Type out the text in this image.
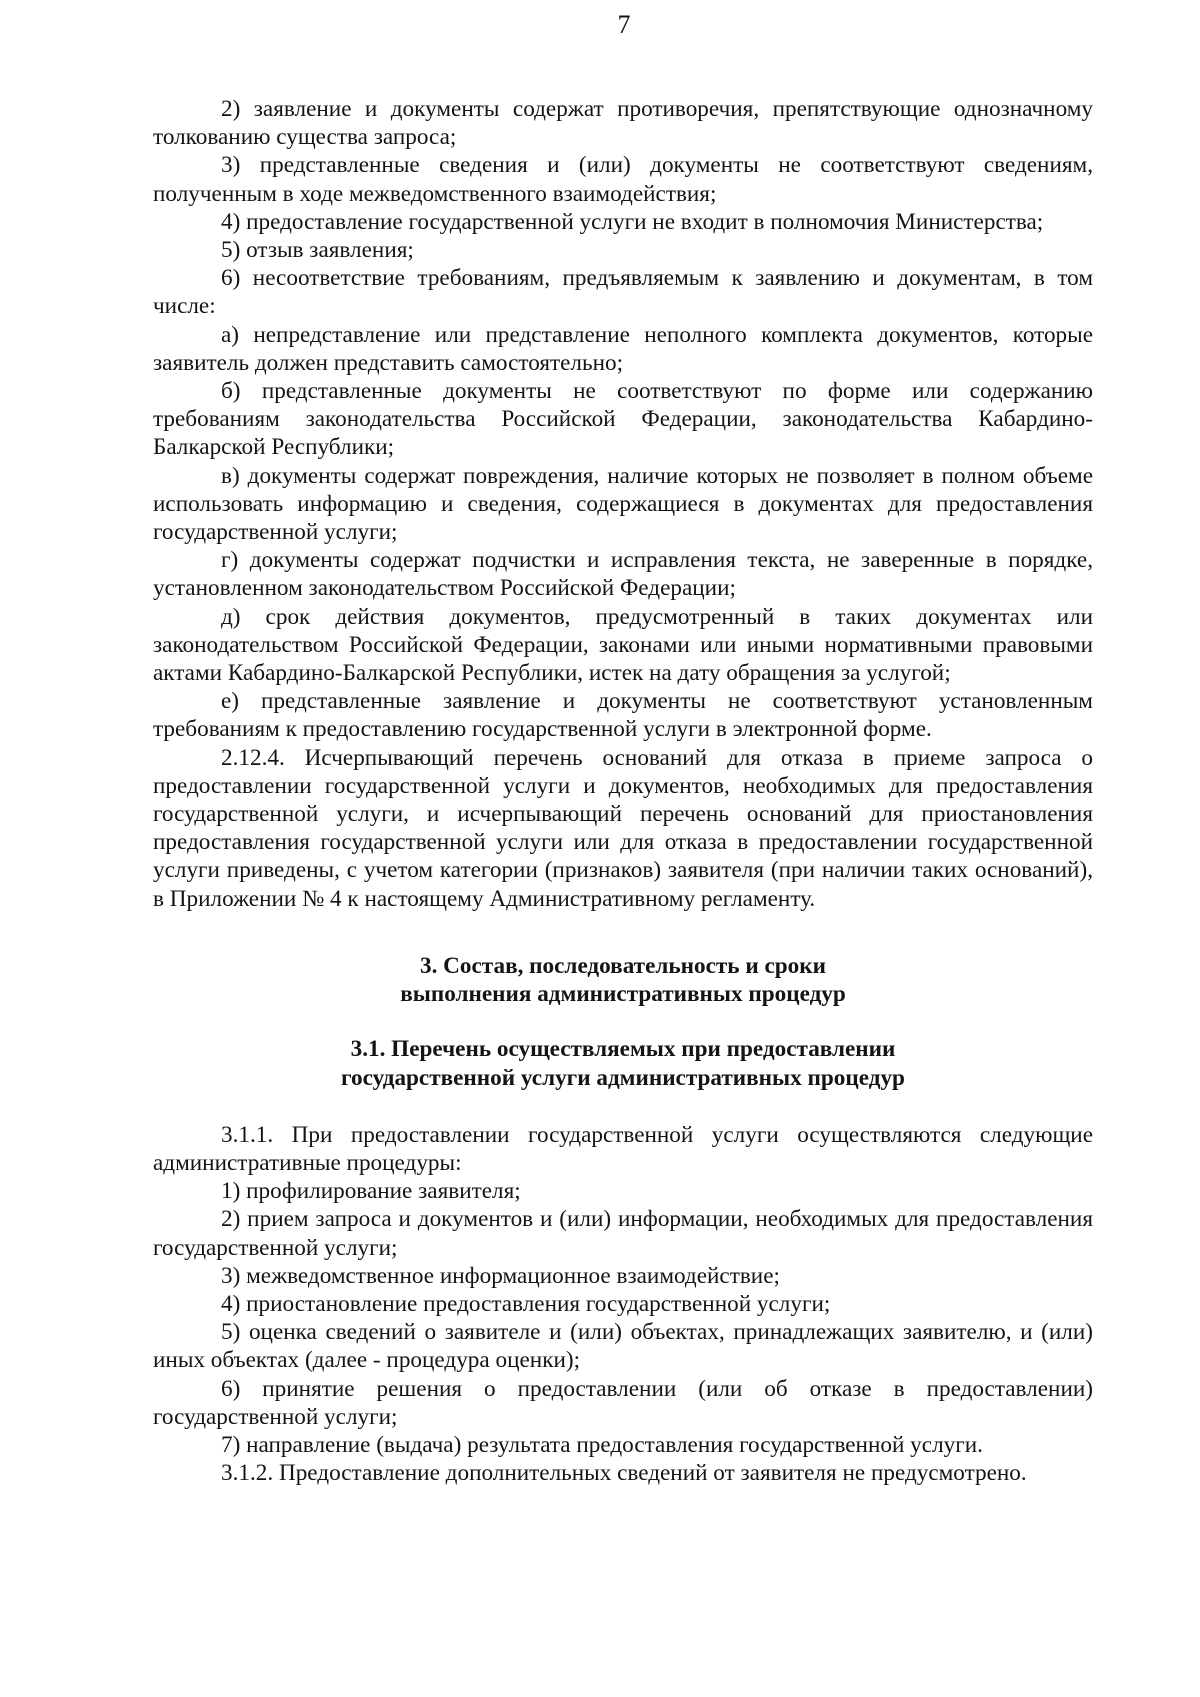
7

2) заявление и документы содержат противоречия, препятствующие однозначному толкованию существа запроса;

3) представленные сведения и (или) документы не соответствуют сведениям, полученным в ходе межведомственного взаимодействия;

4) предоставление государственной услуги не входит в полномочия Министерства;

5) отзыв заявления;

6) несоответствие требованиям, предъявляемым к заявлению и документам, в том числе:

а) непредставление или представление неполного комплекта документов, которые заявитель должен представить самостоятельно;

б) представленные документы не соответствуют по форме или содержанию требованиям законодательства Российской Федерации, законодательства Кабардино-Балкарской Республики;

в) документы содержат повреждения, наличие которых не позволяет в полном объеме использовать информацию и сведения, содержащиеся в документах для предоставления государственной услуги;

г) документы содержат подчистки и исправления текста, не заверенные в порядке, установленном законодательством Российской Федерации;

д) срок действия документов, предусмотренный в таких документах или законодательством Российской Федерации, законами или иными нормативными правовыми актами Кабардино-Балкарской Республики, истек на дату обращения за услугой;

е) представленные заявление и документы не соответствуют установленным требованиям к предоставлению государственной услуги в электронной форме.

2.12.4. Исчерпывающий перечень оснований для отказа в приеме запроса о предоставлении государственной услуги и документов, необходимых для предоставления государственной услуги, и исчерпывающий перечень оснований для приостановления предоставления государственной услуги или для отказа в предоставлении государственной услуги приведены, с учетом категории (признаков) заявителя (при наличии таких оснований), в Приложении № 4 к настоящему Административному регламенту.

3. Состав, последовательность и сроки
выполнения административных процедур
3.1. Перечень осуществляемых при предоставлении
государственной услуги административных процедур

3.1.1. При предоставлении государственной услуги осуществляются следующие административные процедуры:

1) профилирование заявителя;

2) прием запроса и документов и (или) информации, необходимых для предоставления государственной услуги;

3) межведомственное информационное взаимодействие;

4) приостановление предоставления государственной услуги;

5) оценка сведений о заявителе и (или) объектах, принадлежащих заявителю, и (или) иных объектах (далее - процедура оценки);

6) принятие решения о предоставлении (или об отказе в предоставлении) государственной услуги;

7) направление (выдача) результата предоставления государственной услуги.

3.1.2. Предоставление дополнительных сведений от заявителя не предусмотрено.
